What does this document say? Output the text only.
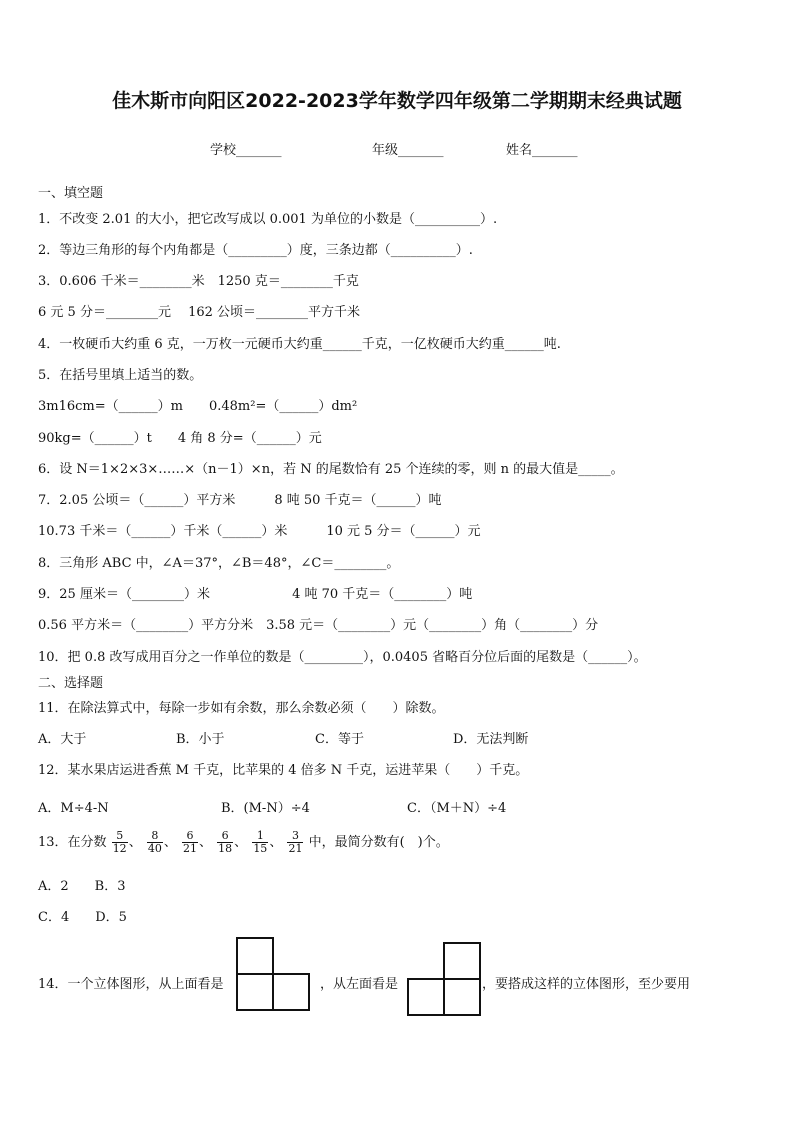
佳木斯市向阳区2022-2023学年数学四年级第二学期期末经典试题
学校_______	年级_______	姓名_______
一、填空题
1．不改变 2.01 的大小，把它改写成以 0.001 为单位的小数是（__________）.
2．等边三角形的每个内角都是（_________）度，三条边都（__________）.
3．0.606 千米＝________米　1250 克＝________千克
6 元 5 分＝________元　 162 公顷＝________平方千米
4．一枚硬币大约重 6 克，一万枚一元硬币大约重______千克，一亿枚硬币大约重______吨.
5．在括号里填上适当的数。
3m16cm=（______）m　　0.48m²=（______）dm²
90kg=（______）t　　4 角 8 分=（______）元
6．设 N＝1×2×3×……×（n－1）×n，若 N 的尾数恰有 25 个连续的零，则 n 的最大值是_____。
7．2.05 公顷＝（______）平方米　　　8 吨 50 千克＝（______）吨
10.73 千米＝（______）千米（______）米　　　10 元 5 分＝（______）元
8．三角形 ABC 中，∠A＝37°，∠B＝48°，∠C＝________。
9．25 厘米＝（________）米　　　　　　 4 吨 70 千克＝（________）吨
0.56 平方米＝（________）平方分米　3.58 元＝（________）元（________）角（________）分
10．把 0.8 改写成用百分之一作单位的数是（_________），0.0405 省略百分位后面的尾数是（______）。
二、选择题
11．在除法算式中，每除一步如有余数，那么余数必须（　　）除数。
A．大于	B．小于	C．等于	D．无法判断
12．某水果店运进香蕉 M 千克，比苹果的 4 倍多 N 千克，运进苹果（　　）千克。
A．M÷4-N	B．(M-N）÷4	C．（M＋N）÷4
13．在分数 $\frac{5}{12}$ 、 $\frac{8}{40}$ 、 $\frac{6}{21}$ 、 $\frac{6}{18}$ 、 $\frac{1}{15}$ 、 $\frac{3}{21}$ 中，最简分数有(　)个。
A．2　　B．3
C．4　　D．5
14．一个立体图形，从上面看是	，从左面看是	，要搭成这样的立体图形，至少要用
